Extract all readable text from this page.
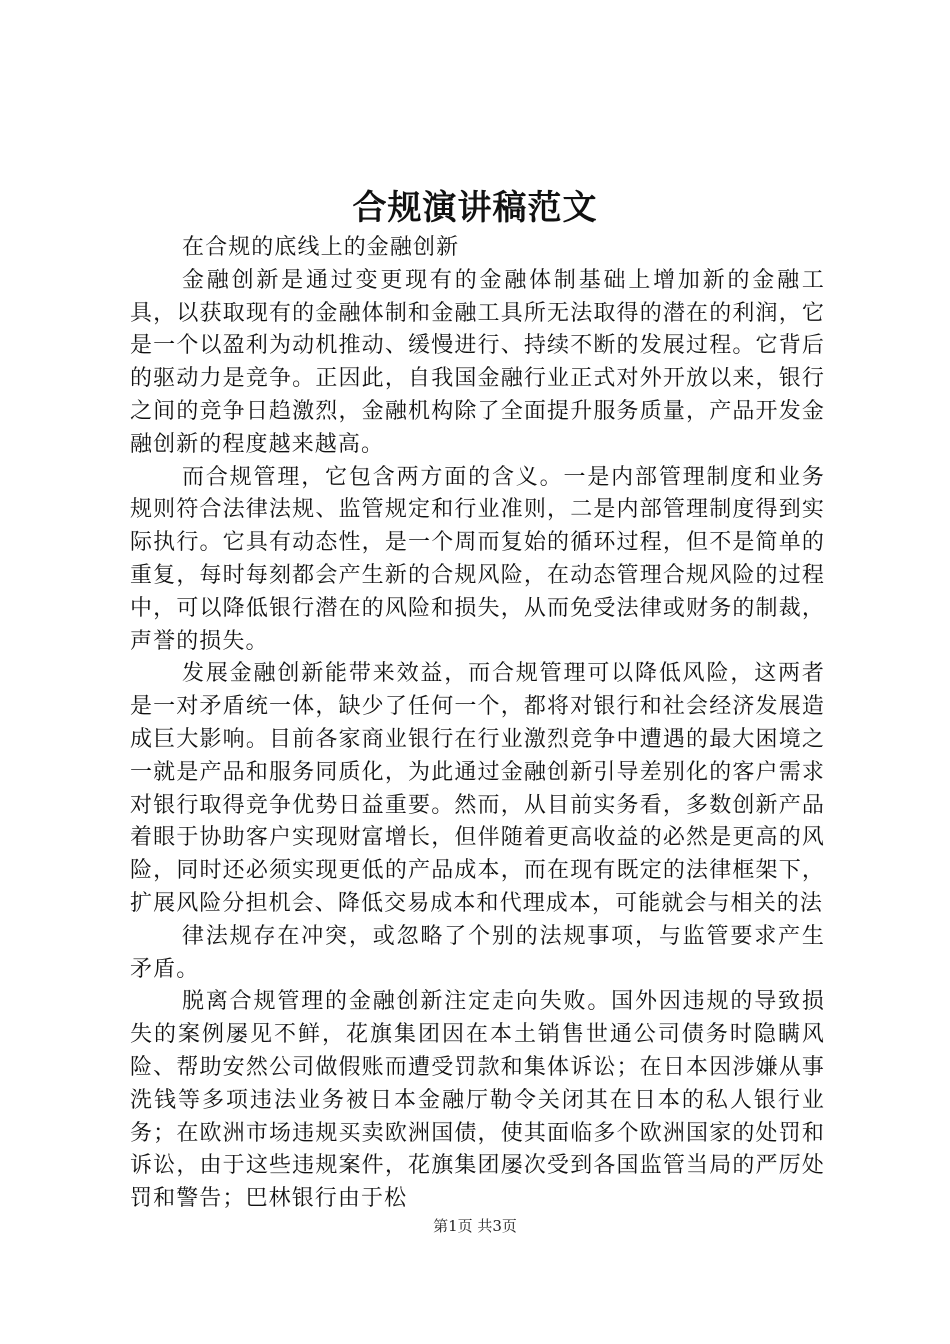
合规演讲稿范文

在合规的底线上的金融创新

金融创新是通过变更现有的金融体制基础上增加新的金融工具，以获取现有的金融体制和金融工具所无法取得的潜在的利润，它是一个以盈利为动机推动、缓慢进行、持续不断的发展过程。它背后的驱动力是竞争。正因此，自我国金融行业正式对外开放以来，银行之间的竞争日趋激烈，金融机构除了全面提升服务质量，产品开发金融创新的程度越来越高。

而合规管理，它包含两方面的含义。一是内部管理制度和业务规则符合法律法规、监管规定和行业准则，二是内部管理制度得到实际执行。它具有动态性，是一个周而复始的循环过程，但不是简单的重复，每时每刻都会产生新的合规风险，在动态管理合规风险的过程中，可以降低银行潜在的风险和损失，从而免受法律或财务的制裁，声誉的损失。

发展金融创新能带来效益，而合规管理可以降低风险，这两者是一对矛盾统一体，缺少了任何一个，都将对银行和社会经济发展造成巨大影响。目前各家商业银行在行业激烈竞争中遭遇的最大困境之一就是产品和服务同质化，为此通过金融创新引导差别化的客户需求对银行取得竞争优势日益重要。然而，从目前实务看，多数创新产品着眼于协助客户实现财富增长，但伴随着更高收益的必然是更高的风险，同时还必须实现更低的产品成本，而在现有既定的法律框架下，扩展风险分担机会、降低交易成本和代理成本，可能就会与相关的法

律法规存在冲突，或忽略了个别的法规事项，与监管要求产生矛盾。

脱离合规管理的金融创新注定走向失败。国外因违规的导致损失的案例屡见不鲜，花旗集团因在本土销售世通公司债务时隐瞒风险、帮助安然公司做假账而遭受罚款和集体诉讼；在日本因涉嫌从事洗钱等多项违法业务被日本金融厅勒令关闭其在日本的私人银行业务；在欧洲市场违规买卖欧洲国债，使其面临多个欧洲国家的处罚和诉讼，由于这些违规案件，花旗集团屡次受到各国监管当局的严厉处罚和警告；巴林银行由于松

第1页 共3页
